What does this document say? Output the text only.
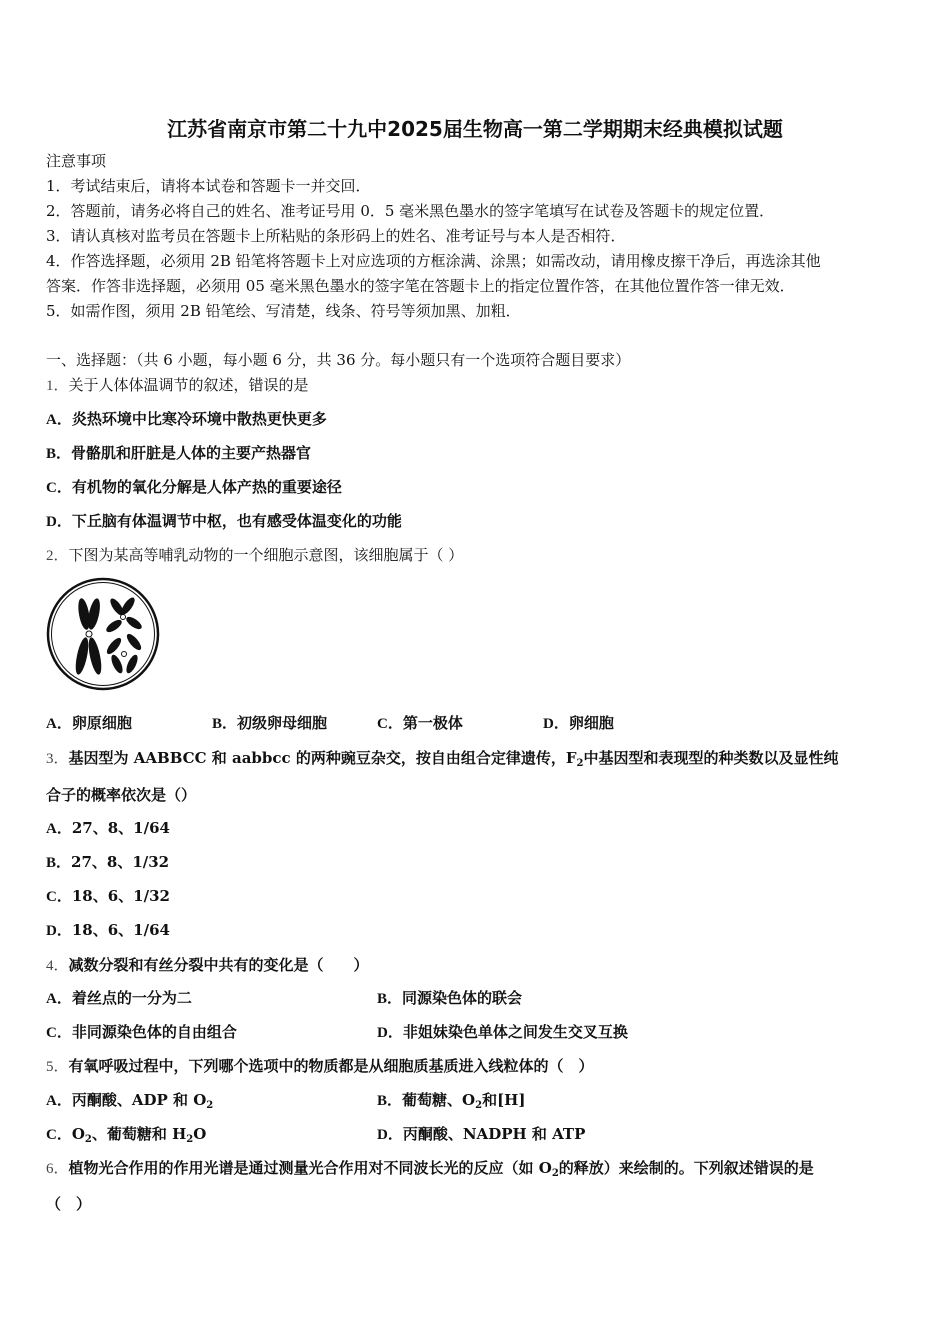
江苏省南京市第二十九中2025届生物高一第二学期期末经典模拟试题
注意事项
1．考试结束后，请将本试卷和答题卡一并交回．
2．答题前，请务必将自己的姓名、准考证号用 0．5 毫米黑色墨水的签字笔填写在试卷及答题卡的规定位置．
3．请认真核对监考员在答题卡上所粘贴的条形码上的姓名、准考证号与本人是否相符．
4．作答选择题，必须用 2B 铅笔将答题卡上对应选项的方框涂满、涂黑；如需改动，请用橡皮擦干净后，再选涂其他
答案．作答非选择题，必须用 05 毫米黑色墨水的签字笔在答题卡上的指定位置作答，在其他位置作答一律无效．
5．如需作图，须用 2B 铅笔绘、写清楚，线条、符号等须加黑、加粗．
一、选择题：（共 6 小题，每小题 6 分，共 36 分。每小题只有一个选项符合题目要求）
1．关于人体体温调节的叙述，错误的是
A．炎热环境中比寒冷环境中散热更快更多
B．骨骼肌和肝脏是人体的主要产热器官
C．有机物的氧化分解是人体产热的重要途径
D．下丘脑有体温调节中枢，也有感受体温变化的功能
2．下图为某高等哺乳动物的一个细胞示意图，该细胞属于（ ）
A．卵原细胞	B．初级卵母细胞	C．第一极体	D．卵细胞
3．基因型为 AABBCC 和 aabbcc 的两种豌豆杂交，按自由组合定律遗传，$F_2$中基因型和表现型的种类数以及显性纯
合子的概率依次是（）
A．27、8、1/64
B．27、8、1/32
C．18、6、1/32
D．18、6、1/64
4．减数分裂和有丝分裂中共有的变化是（　　）
A．着丝点的一分为二	B．同源染色体的联会
C．非同源染色体的自由组合	D．非姐妹染色单体之间发生交叉互换
5．有氧呼吸过程中，下列哪个选项中的物质都是从细胞质基质进入线粒体的（　）
A．丙酮酸、ADP 和 $O_2$	B．葡萄糖、$O_2$和[H]
C．$O_2$、葡萄糖和 $H_2O$	D．丙酮酸、NADPH 和 ATP
6．植物光合作用的作用光谱是通过测量光合作用对不同波长光的反应（如 $O_2$的释放）来绘制的。下列叙述错误的是
（　）
